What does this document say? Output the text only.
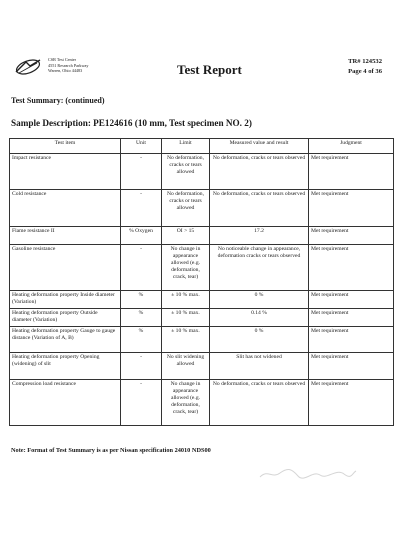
CSR Test Center
4551 Research Parkway
Warren, Ohio 44483	Test Report
TR# 124532
Page 4 of 36
Test Summary: (continued)
Sample Description: PE124616 (10 mm, Test specimen NO. 2)
Test item	Unit	Limit	Measured value and result	Judgment
Impact resistance	-	No deformation, cracks or tears allowed	No deformation, cracks or tears observed	Met requirement
Cold resistance	-	No deformation, cracks or tears allowed	No deformation, cracks or tears observed	Met requirement
Flame resistance II	% Oxygen	OI > 15	17.2	Met requirement
Gasoline resistance	-	No change in appearance allowed (e.g. deformation, crack, tear)	No noticeable change in appearance, deformation cracks or tears observed	Met requirement
Heating deformation property Inside diameter (Variation)	%	± 10 % max.	0 %	Met requirement
Heating deformation property Outside diameter (Variation)	%	± 10 % max.	0.14 %	Met requirement
Heating deformation property Gauge to gauge distance (Variation of A, B)	%	± 10 % max.	0 %	Met requirement
Heating deformation property Opening (widening) of slit	-	No slit widening allowed	Slit has not widened	Met requirement
Compression load resistance	-	No change in appearance allowed (e.g. deformation, crack, tear)	No deformation, cracks or tears observed	Met requirement
Note: Format of Test Summary is as per Nissan specification 24010 NDS00
